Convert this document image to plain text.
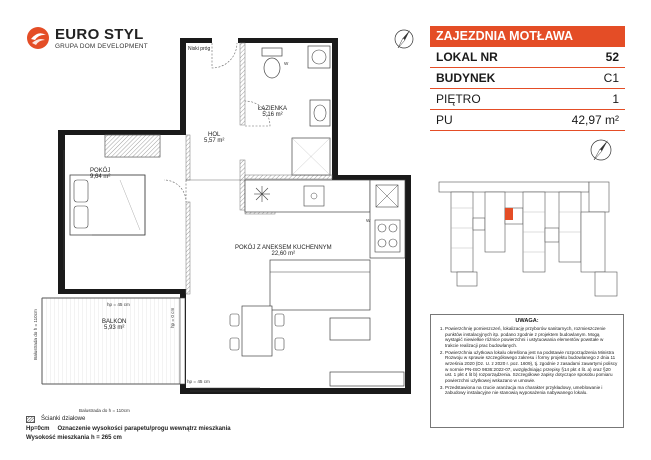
EURO STYL
GRUPA DOM DEVELOPMENT	Niski próg
W
W
ŁAZIENKA
5,16 m²
HOL
5,57 m²
POKÓJ
9,64 m²
POKÓJ Z ANEKSEM KUCHENNYM
22,60 m²
BALKON
5,93 m²
hp = 45 cm
hp = 0 cm
hp = 45 cm
Balustrada do h = 110cm
Balustrada do h = 110cm
ZAJEZDNIA MOTŁAWA
LOKAL NR	52
BUDYNEK	C1
PIĘTRO	1
PU	42,97 m²
UWAGA:
1. Powierzchnię pomieszczeń, lokalizację przyborów sanitarnych, rozmieszczenie punktów instalacyjnych itp. podano zgodnie z projektem budowlanym. Mogą wystąpić niewielkie różnice powierzchni i ustytuowania elementów powstałe w trakcie realizacji prac budowlanych.
2. Powierzchnia użytkowa lokalu określona jest na podstawie rozporządzenia Ministra Rozwoju w sprawie szczegółowego zakresu i formy projektu budowlanego z dnia 11 września 2020 (Dz. U. z 2020 r. poz. 1609), tj. zgodnie z zasadami zawartymi poliscy w normie PN-ISO 9836:2022-07, uwzględniając przepisy §14 pkt 4 lit. a) oraz §20 ust. 1 pkt 4 lit b) rozporządzenia. Szczegółowe zapisy dotyczące sposobu pomiaru powierzchni użytkowej wskazano w umowie.
3. Przedstawiona na rzucie aranżacja ma charakter przykładowy, umeblowanie i zabudowy instalacyjne nie stanowią wyposażenia nabywanego lokalu.
Ścianki działowe
Hp=0cm Oznaczenie wysokości parapetu/progu wewnątrz mieszkania
Wysokość mieszkania h = 265 cm
